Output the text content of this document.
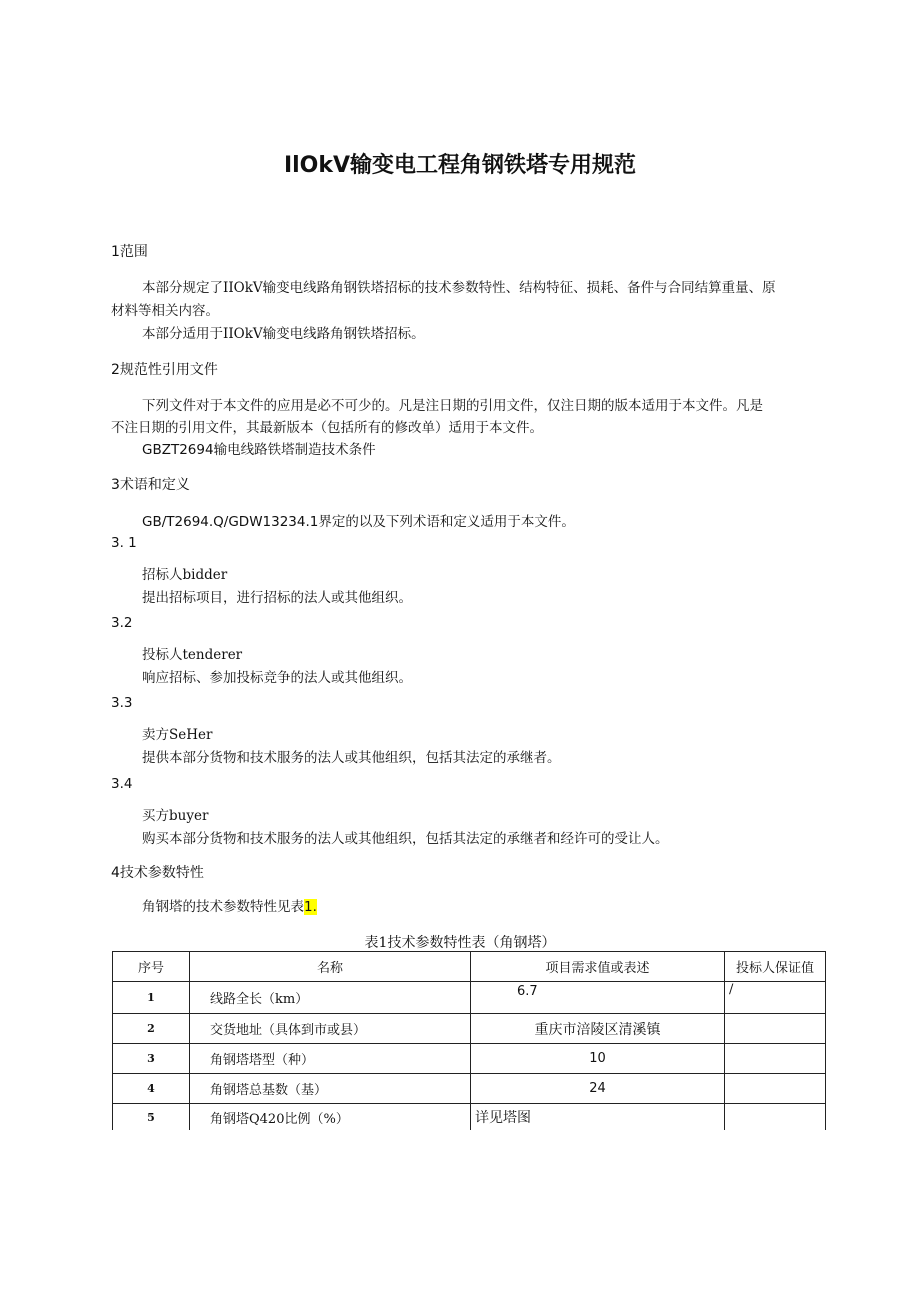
IlOkV输变电工程角钢铁塔专用规范
1范围
本部分规定了IIOkV输变电线路角钢铁塔招标的技术参数特性、结构特征、损耗、备件与合同结算重量、原
材料等相关内容。
本部分适用于IIOkV输变电线路角钢铁塔招标。
2规范性引用文件
下列文件对于本文件的应用是必不可少的。凡是注日期的引用文件，仅注日期的版本适用于本文件。凡是
不注日期的引用文件，其最新版本（包括所有的修改单）适用于本文件。
GBZT2694输电线路铁塔制造技术条件
3术语和定义
GB/T2694.Q/GDW13234.1界定的以及下列术语和定义适用于本文件。
3. 1
招标人bidder
提出招标项目，进行招标的法人或其他组织。
3.2
投标人tenderer
响应招标、参加投标竞争的法人或其他组织。
3.3
卖方SeHer
提供本部分货物和技术服务的法人或其他组织，包括其法定的承继者。
3.4
买方buyer
购买本部分货物和技术服务的法人或其他组织，包括其法定的承继者和经许可的受让人。
4技术参数特性
角钢塔的技术参数特性见表1.
表1技术参数特性表（角钢塔）
序号	名称	项目需求值或表述	投标人保证值
1	线路全长（km）	6.7	/
2	交货地址（具体到市或县）	重庆市涪陵区清溪镇	
3	角钢塔塔型（种）	10	
4	角钢塔总基数（基）	24	
5	角钢塔Q420比例（%）	详见塔图	
